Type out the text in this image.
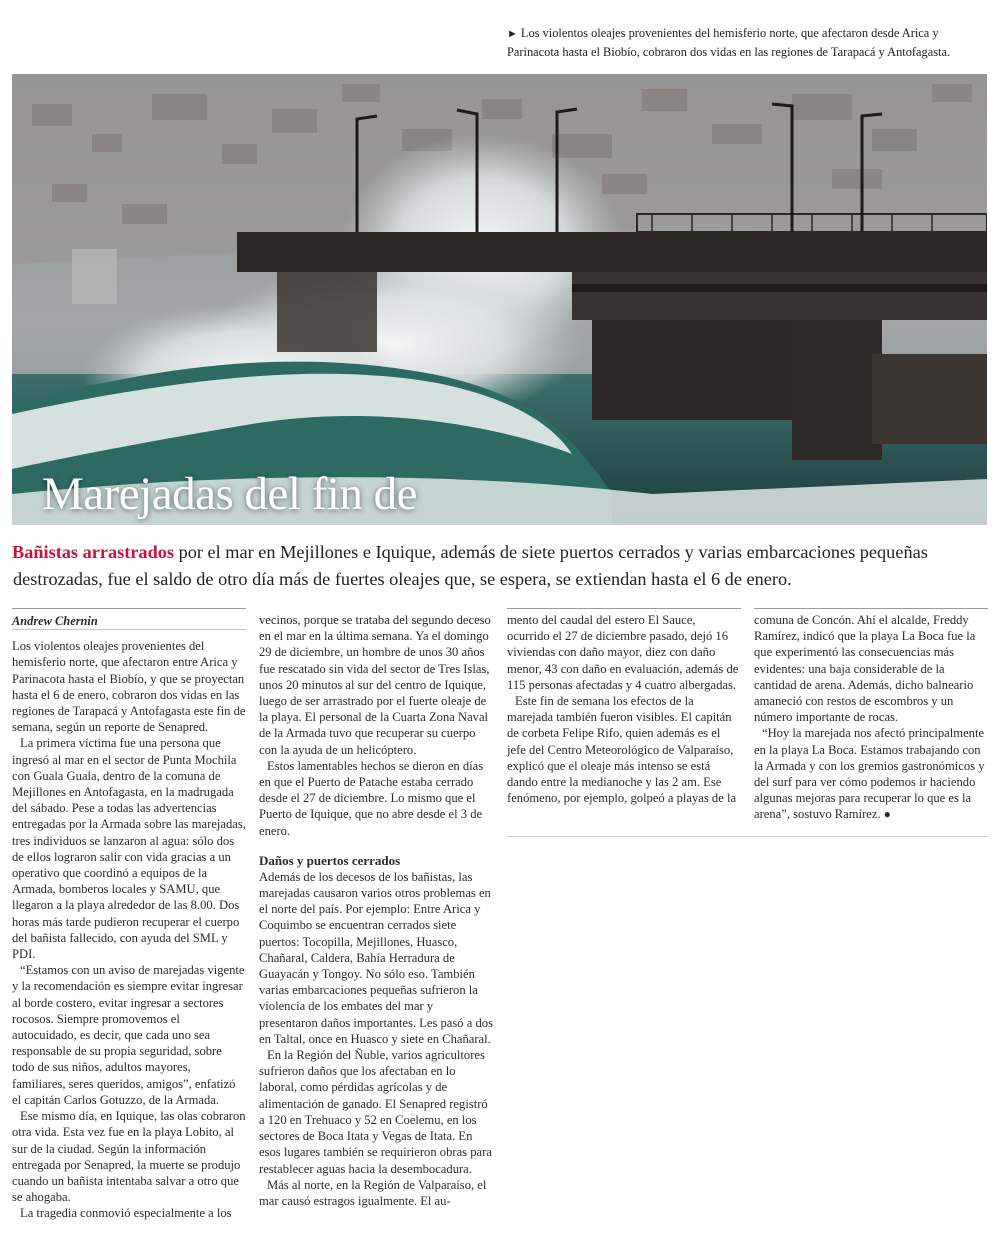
► Los violentos oleajes provenientes del hemisferio norte, que afectaron desde Arica y Parinacota hasta el Biobío, cobraron dos vidas en las regiones de Tarapacá y Antofagasta.
Marejadas del fin de

Bañistas arrastrados por el mar en Mejillones e Iquique, además de siete puertos cerrados y varias embarcaciones pequeñas
destrozadas, fue el saldo de otro día más de fuertes oleajes que, se espera, se extiendan hasta el 6 de enero.

Andrew Chernin

Los violentos oleajes provenientes del hemisferio norte, que afectaron entre Arica y Parinacota hasta el Biobío, y que se proyectan hasta el 6 de enero, cobraron dos vidas en las regiones de Tarapacá y Antofagasta este fin de semana, según un reporte de Senapred.

La primera víctima fue una persona que ingresó al mar en el sector de Punta Mochila con Guala Guala, dentro de la comuna de Mejillones en Antofagasta, en la madrugada del sábado. Pese a todas las advertencias entregadas por la Armada sobre las marejadas, tres individuos se lanzaron al agua: sólo dos de ellos lograron salir con vida gracias a un operativo que coordinó a equipos de la Armada, bomberos locales y SAMU, que llegaron a la playa alrededor de las 8.00. Dos horas más tarde pudieron recuperar el cuerpo del bañista fallecido, con ayuda del SML y PDI.

“Estamos con un aviso de marejadas vigente y la recomendación es siempre evitar ingresar al borde costero, evitar ingresar a sectores rocosos. Siempre promovemos el autocuidado, es decir, que cada uno sea responsable de su propia seguridad, sobre todo de sus niños, adultos mayores, familiares, seres queridos, amigos”, enfatizó el capitán Carlos Gotuzzo, de la Armada.

Ese mismo día, en Iquique, las olas cobraron otra vida. Esta vez fue en la playa Lobito, al sur de la ciudad. Según la información entregada por Senapred, la muerte se produjo cuando un bañista intentaba salvar a otro que se ahogaba.

La tragedia conmovió especialmente a los

vecinos, porque se trataba del segundo deceso en el mar en la última semana. Ya el domingo 29 de diciembre, un hombre de unos 30 años fue rescatado sin vida del sector de Tres Islas, unos 20 minutos al sur del centro de Iquique, luego de ser arrastrado por el fuerte oleaje de la playa. El personal de la Cuarta Zona Naval de la Armada tuvo que recuperar su cuerpo con la ayuda de un helicóptero.

Estos lamentables hechos se dieron en días en que el Puerto de Patache estaba cerrado desde el 27 de diciembre. Lo mismo que el Puerto de Iquique, que no abre desde el 3 de enero.

Daños y puertos cerrados

Además de los decesos de los bañistas, las marejadas causaron varios otros problemas en el norte del país. Por ejemplo: Entre Arica y Coquimbo se encuentran cerrados siete puertos: Tocopilla, Mejillones, Huasco, Chañaral, Caldera, Bahía Herradura de Guayacán y Tongoy. No sólo eso. También varias embarcaciones pequeñas sufrieron la violencia de los embates del mar y presentaron daños importantes. Les pasó a dos en Taltal, once en Huasco y siete en Chañaral.

En la Región del Ñuble, varios agricultores sufrieron daños que los afectaban en lo laboral, como pérdidas agrícolas y de alimentación de ganado. El Senapred registró a 120 en Trehuaco y 52 en Coelemu, en los sectores de Boca Itata y Vegas de Itata. En esos lugares también se requirieron obras para restablecer aguas hacia la desembocadura.

Más al norte, en la Región de Valparaíso, el mar causó estragos igualmente. El au-

mento del caudal del estero El Sauce, ocurrido el 27 de diciembre pasado, dejó 16 viviendas con daño mayor, diez con daño menor, 43 con daño en evaluación, además de 115 personas afectadas y 4 cuatro albergadas.

Este fin de semana los efectos de la marejada también fueron visibles. El capitán de corbeta Felipe Rifo, quien además es el jefe del Centro Meteorológico de Valparaíso, explicó que el oleaje más intenso se está dando entre la medianoche y las 2 am. Ese fenómeno, por ejemplo, golpeó a playas de la

comuna de Concón. Ahí el alcalde, Freddy Ramírez, indicó que la playa La Boca fue la que experimentó las consecuencias más evidentes: una baja considerable de la cantidad de arena. Además, dicho balneario amaneció con restos de escombros y un número importante de rocas.

“Hoy la marejada nos afectó principalmente en la playa La Boca. Estamos trabajando con la Armada y con los gremios gastronómicos y del surf para ver cómo podemos ir haciendo algunas mejoras para recuperar lo que es la arena”, sostuvo Ramírez. ●
